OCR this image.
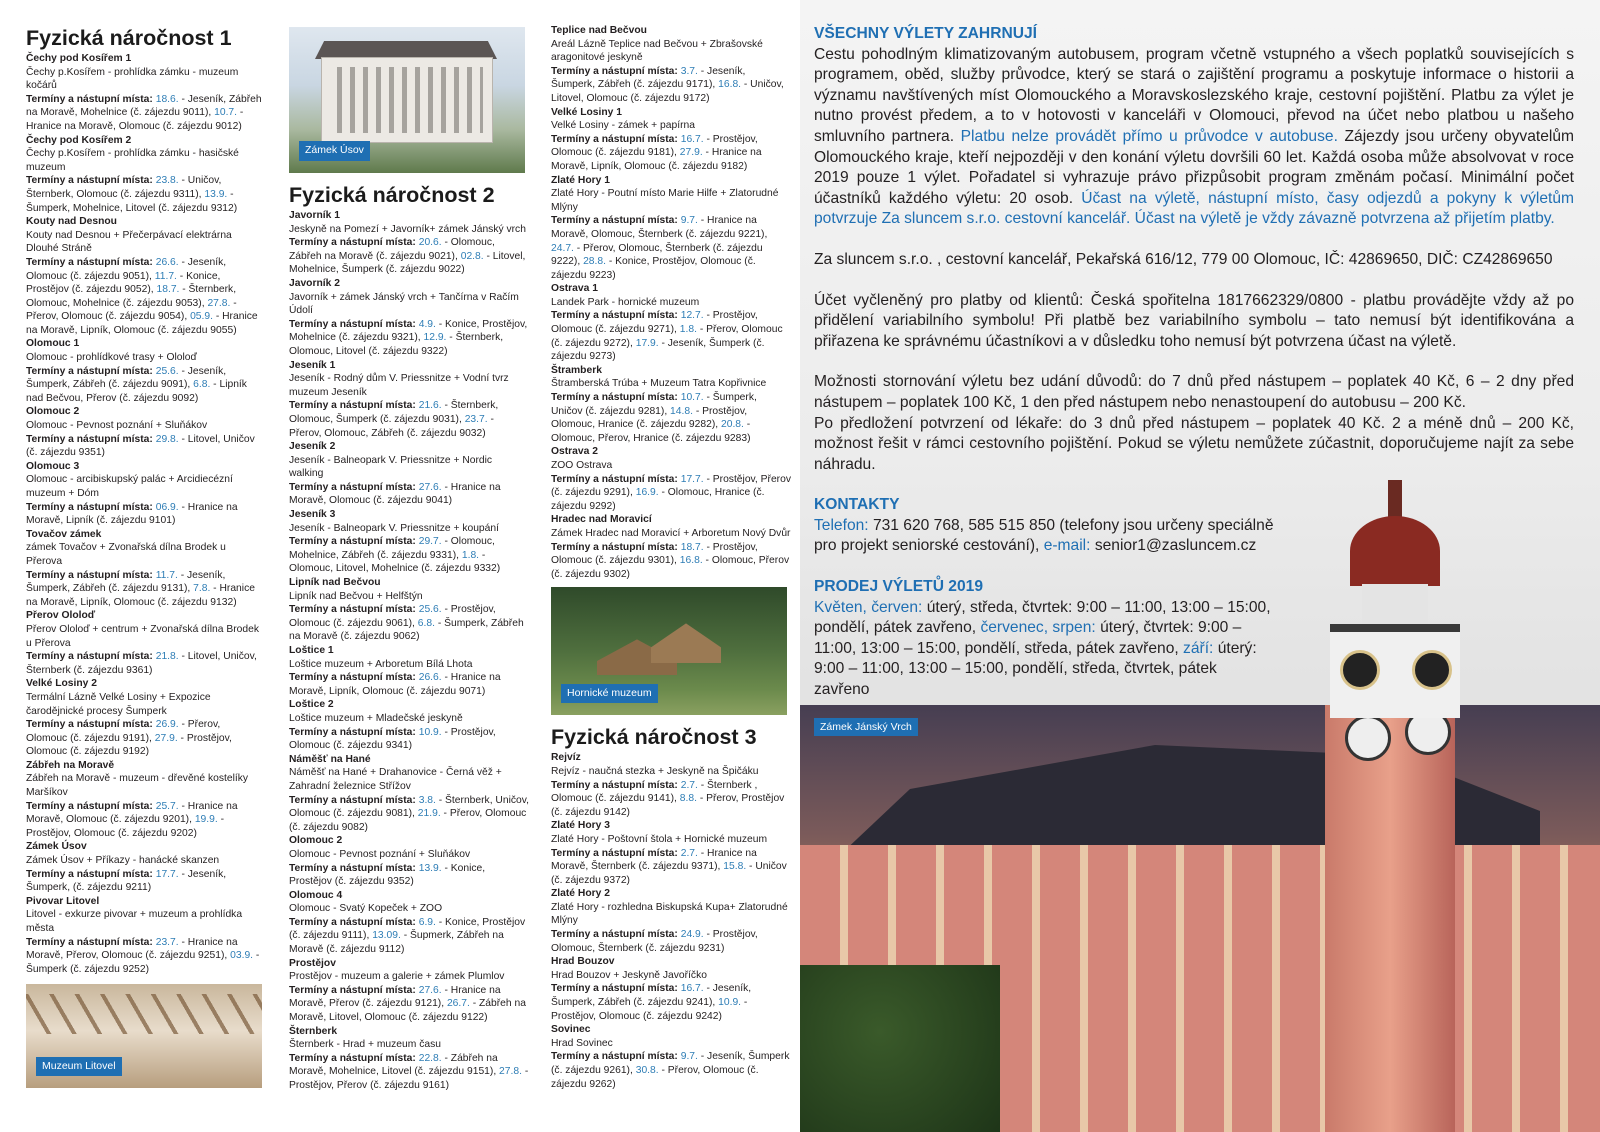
Fyzická náročnost 1
Čechy pod Kosířem 1
Čechy p.Kosířem - prohlídka zámku - muzeum kočárů
Termíny a nástupní místa: 18.6. - Jeseník, Zábřeh na Moravě, Mohelnice (č. zájezdu 9011), 10.7. - Hranice na Moravě, Olomouc (č. zájezdu 9012)
Čechy pod Kosířem 2
Čechy p.Kosířem - prohlídka zámku - hasičské muzeum
Termíny a nástupní místa: 23.8. - Uničov, Šternberk, Olomouc (č. zájezdu 9311), 13.9. - Šumperk, Mohelnice, Litovel (č. zájezdu 9312)
Kouty nad Desnou
Kouty nad Desnou + Přečerpávací elektrárna Dlouhé Stráně
Termíny a nástupní místa: 26.6. - Jeseník, Olomouc (č. zájezdu 9051), 11.7. - Konice, Prostějov (č. zájezdu 9052), 18.7. - Šternberk, Olomouc, Mohelnice (č. zájezdu 9053), 27.8. - Přerov, Olomouc (č. zájezdu 9054), 05.9. - Hranice na Moravě, Lipník, Olomouc (č. zájezdu 9055)
Olomouc 1
Olomouc - prohlídkové trasy + Ololoď
Termíny a nástupní místa: 25.6. - Jeseník, Šumperk, Zábřeh (č. zájezdu 9091), 6.8. - Lipník nad Bečvou, Přerov (č. zájezdu 9092)
Olomouc 2
Olomouc - Pevnost poznání + Sluňákov
Termíny a nástupní místa: 29.8. - Litovel, Uničov (č. zájezdu 9351)
Olomouc 3
Olomouc - arcibiskupský palác + Arcidiecézní muzeum + Dóm
Termíny a nástupní místa: 06.9. - Hranice na Moravě, Lipník (č. zájezdu 9101)
Tovačov zámek
zámek Tovačov + Zvonařská dílna Brodek u Přerova
Termíny a nástupní místa: 11.7. - Jeseník, Šumperk, Zábřeh (č. zájezdu 9131), 7.8. - Hranice na Moravě, Lipník, Olomouc (č. zájezdu 9132)
Přerov Ololoď
Přerov Ololoď + centrum + Zvonařská dílna Brodek u Přerova
Termíny a nástupní místa: 21.8. - Litovel, Uničov, Šternberk (č. zájezdu 9361)
Velké Losiny 2
Termální Lázně Velké Losiny + Expozice čarodějnické procesy Šumperk
Termíny a nástupní místa: 26.9. - Přerov, Olomouc (č. zájezdu 9191), 27.9. - Prostějov, Olomouc (č. zájezdu 9192)
Zábřeh na Moravě
Zábřeh na Moravě - muzeum - dřevěné kostelíky Maršíkov
Termíny a nástupní místa: 25.7. - Hranice na Moravě, Olomouc (č. zájezdu 9201), 19.9. - Prostějov, Olomouc (č. zájezdu 9202)
Zámek Úsov
Zámek Úsov + Příkazy - hanácké skanzen
Termíny a nástupní místa: 17.7. - Jeseník, Šumperk, (č. zájezdu 9211)
Pivovar Litovel
Litovel - exkurze pivovar + muzeum a prohlídka města
Termíny a nástupní místa: 23.7. - Hranice na Moravě, Přerov, Olomouc (č. zájezdu 9251), 03.9. - Šumperk (č. zájezdu 9252)
Muzeum Litovel
Zámek Úsov
Fyzická náročnost 2
Javorník 1
Jeskyně na Pomezí + Javorník+ zámek Jánský vrch
Termíny a nástupní místa: 20.6. - Olomouc, Zábřeh na Moravě (č. zájezdu 9021), 02.8. - Litovel, Mohelnice, Šumperk (č. zájezdu 9022)
Javorník 2
Javorník + zámek Jánský vrch + Tančírna v Račím Údolí
Termíny a nástupní místa: 4.9. - Konice, Prostějov, Mohelnice (č. zájezdu 9321), 12.9. - Šternberk, Olomouc, Litovel (č. zájezdu 9322)
Jeseník 1
Jeseník - Rodný dům V. Priessnitze + Vodní tvrz muzeum Jeseník
Termíny a nástupní místa: 21.6. - Šternberk, Olomouc, Šumperk (č. zájezdu 9031), 23.7. - Přerov, Olomouc, Zábřeh (č. zájezdu 9032)
Jeseník 2
Jeseník - Balneopark V. Priessnitze + Nordic walking
Termíny a nástupní místa: 27.6. - Hranice na Moravě, Olomouc (č. zájezdu 9041)
Jeseník 3
Jeseník - Balneopark V. Priessnitze + koupání
Termíny a nástupní místa: 29.7. - Olomouc, Mohelnice, Zábřeh (č. zájezdu 9331), 1.8. - Olomouc, Litovel, Mohelnice (č. zájezdu 9332)
Lipník nad Bečvou
Lipník nad Bečvou + Helfštýn
Termíny a nástupní místa: 25.6. - Prostějov, Olomouc (č. zájezdu 9061), 6.8. - Šumperk, Zábřeh na Moravě (č. zájezdu 9062)
Loštice 1
Loštice muzeum + Arboretum Bílá Lhota
Termíny a nástupní místa: 26.6. - Hranice na Moravě, Lipník, Olomouc (č. zájezdu 9071)
Loštice 2
Loštice muzeum + Mladečské jeskyně
Termíny a nástupní místa: 10.9. - Prostějov, Olomouc (č. zájezdu 9341)
Náměšť na Hané
Náměšť na Hané + Drahanovice - Černá věž + Zahradní železnice Střížov
Termíny a nástupní místa: 3.8. - Šternberk, Uničov, Olomouc (č. zájezdu 9081), 21.9. - Přerov, Olomouc (č. zájezdu 9082)
Olomouc 2
Olomouc - Pevnost poznání + Sluňákov
Termíny a nástupní místa: 13.9. - Konice, Prostějov (č. zájezdu 9352)
Olomouc 4
Olomouc - Svatý Kopeček + ZOO
Termíny a nástupní místa: 6.9. - Konice, Prostějov (č. zájezdu 9111), 13.09. - Šupmerk, Zábřeh na Moravě (č. zájezdu 9112)
Prostějov
Prostějov - muzeum a galerie + zámek Plumlov
Termíny a nástupní místa: 27.6. - Hranice na Moravě, Přerov (č. zájezdu 9121), 26.7. - Zábřeh na Moravě, Litovel, Olomouc (č. zájezdu 9122)
Šternberk
Šternberk - Hrad + muzeum času
Termíny a nástupní místa: 22.8. - Zábřeh na Moravě, Mohelnice, Litovel (č. zájezdu 9151), 27.8. - Prostějov, Přerov (č. zájezdu 9161)
Teplice nad Bečvou
Areál Lázně Teplice nad Bečvou + Zbrašovské aragonitové jeskyně
Termíny a nástupní místa: 3.7. - Jeseník, Šumperk, Zábřeh (č. zájezdu 9171), 16.8. - Uničov, Litovel, Olomouc (č. zájezdu 9172)
Velké Losiny 1
Velké Losiny - zámek + papírna
Termíny a nástupní místa: 16.7. - Prostějov, Olomouc (č. zájezdu 9181), 27.9. - Hranice na Moravě, Lipník, Olomouc (č. zájezdu 9182)
Zlaté Hory 1
Zlaté Hory - Poutní místo Marie Hilfe + Zlatorudné Mlýny
Termíny a nástupní místa: 9.7. - Hranice na Moravě, Olomouc, Šternberk (č. zájezdu 9221), 24.7. - Přerov, Olomouc, Šternberk (č. zájezdu 9222), 28.8. - Konice, Prostějov, Olomouc (č. zájezdu 9223)
Ostrava 1
Landek Park - hornické muzeum
Termíny a nástupní místa: 12.7. - Prostějov, Olomouc (č. zájezdu 9271), 1.8. - Přerov, Olomouc (č. zájezdu 9272), 17.9. - Jeseník, Šumperk (č. zájezdu 9273)
Štramberk
Štramberská Trúba + Muzeum Tatra Kopřivnice
Termíny a nástupní místa: 10.7. - Šumperk, Uničov (č. zájezdu 9281), 14.8. - Prostějov, Olomouc, Hranice (č. zájezdu 9282), 20.8. - Olomouc, Přerov, Hranice (č. zájezdu 9283)
Ostrava 2
ZOO Ostrava
Termíny a nástupní místa: 17.7. - Prostějov, Přerov (č. zájezdu 9291), 16.9. - Olomouc, Hranice (č. zájezdu 9292)
Hradec nad Moravicí
Zámek Hradec nad Moravicí + Arboretum Nový Dvůr
Termíny a nástupní místa: 18.7. - Prostějov, Olomouc (č. zájezdu 9301), 16.8. - Olomouc, Přerov (č. zájezdu 9302)
Hornické muzeum
Fyzická náročnost 3
Rejvíz
Rejvíz - naučná stezka + Jeskyně na Špičáku
Termíny a nástupní místa: 2.7. - Šternberk , Olomouc (č. zájezdu 9141), 8.8. - Přerov, Prostějov (č. zájezdu 9142)
Zlaté Hory 3
Zlaté Hory - Poštovní štola + Hornické muzeum
Termíny a nástupní místa: 2.7. - Hranice na Moravě, Šternberk (č. zájezdu 9371), 15.8. - Uničov (č. zájezdu 9372)
Zlaté Hory 2
Zlaté Hory - rozhledna Biskupská Kupa+ Zlatorudné Mlýny
Termíny a nástupní místa: 24.9. - Prostějov, Olomouc, Šternberk (č. zájezdu 9231)
Hrad Bouzov
Hrad Bouzov + Jeskyně Javoříčko
Termíny a nástupní místa: 16.7. - Jeseník, Šumperk, Zábřeh (č. zájezdu 9241), 10.9. - Prostějov, Olomouc (č. zájezdu 9242)
Sovinec
Hrad Sovinec
Termíny a nástupní místa: 9.7. - Jeseník, Šumperk (č. zájezdu 9261), 30.8. - Přerov, Olomouc (č. zájezdu 9262)
Zámek Jánský Vrch
VŠECHNY VÝLETY ZAHRNUJÍ

Cestu pohodlným klimatizovaným autobusem, program včetně vstupného a všech poplatků souvisejících s programem, oběd, služby průvodce, který se stará o zajištění programu a poskytuje informace o historii a významu navštívených míst Olomouckého a Moravskoslezského kraje, cestovní pojištění. Platbu za výlet je nutno provést předem, a to v hotovosti v kanceláři v Olomouci, převod na účet nebo platbou u našeho smluvního partnera. Platbu nelze provádět přímo u průvodce v autobuse. Zájezdy jsou určeny obyvatelům Olomouckého kraje, kteří nejpozději v den konání výletu dovršili 60 let. Každá osoba může absolvovat v roce 2019 pouze 1 výlet. Pořadatel si vyhrazuje právo přizpůsobit program změnám počasí. Minimální počet účastníků každého výletu: 20 osob. Účast na výletě, nástupní místo, časy odjezdů a pokyny k výletům potvrzuje Za sluncem s.r.o. cestovní kancelář. Účast na výletě je vždy závazně potvrzena až přijetím platby.

Za sluncem s.r.o. , cestovní kancelář, Pekařská 616/12, 779 00 Olomouc, IČ: 42869650, DIČ: CZ42869650

Účet vyčleněný pro platby od klientů: Česká spořitelna 1817662329/0800 - platbu provádějte vždy až po přidělení variabilního symbolu! Při platbě bez variabilního symbolu – tato nemusí být identifikována a přiřazena ke správnému účastníkovi a v důsledku toho nemusí být potvrzena účast na výletě.

Možnosti stornování výletu bez udání důvodů: do 7 dnů před nástupem – poplatek 40 Kč, 6 – 2 dny před nástupem – poplatek 100 Kč, 1 den před nástupem nebo nenastoupení do autobusu – 200 Kč.

Po předložení potvrzení od lékaře: do 3 dnů před nástupem – poplatek 40 Kč. 2 a méně dnů – 200 Kč, možnost řešit v rámci cestovního pojištění. Pokud se výletu nemůžete zúčastnit, doporučujeme najít za sebe náhradu.

KONTAKTY

Telefon: 731 620 768, 585 515 850 (telefony jsou určeny speciálně pro projekt seniorské cestování), e-mail: senior1@zasluncem.cz

PRODEJ VÝLETŮ 2019

Květen, červen: úterý, středa, čtvrtek: 9:00 – 11:00, 13:00 – 15:00, pondělí, pátek zavřeno, červenec, srpen: úterý, čtvrtek: 9:00 – 11:00, 13:00 – 15:00, pondělí, středa, pátek zavřeno, září: úterý: 9:00 – 11:00, 13:00 – 15:00, pondělí, středa, čtvrtek, pátek zavřeno
